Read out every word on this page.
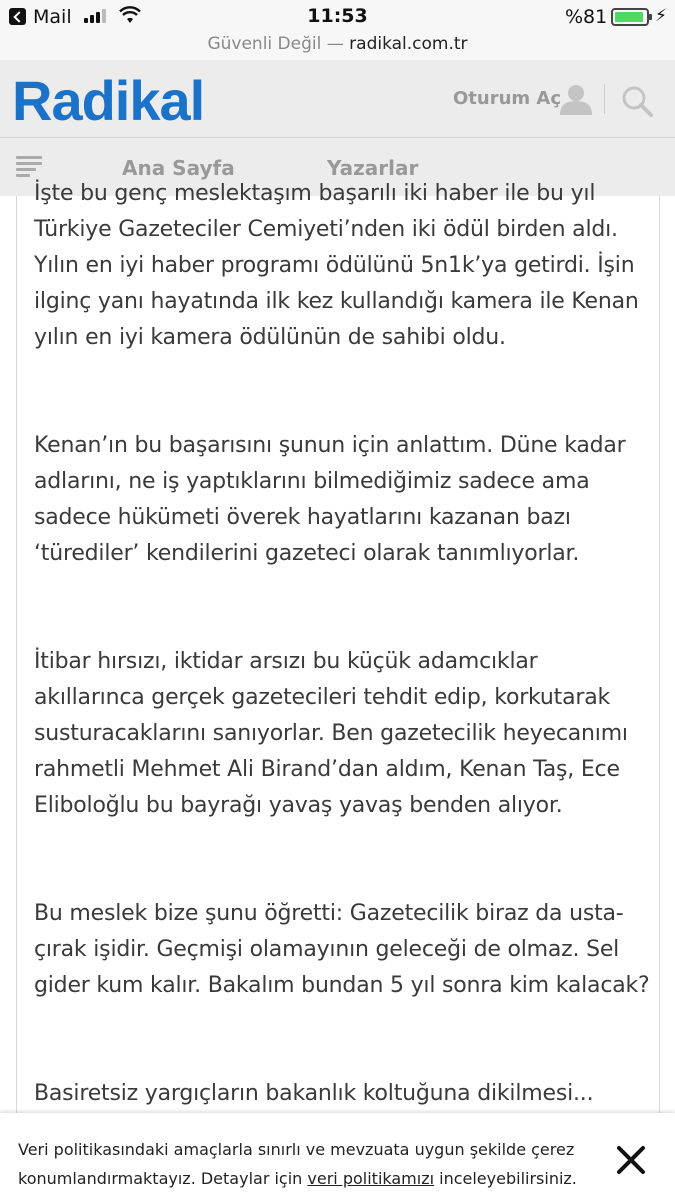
Mail	11:53	%81	⚡
Güvenli Değil — radikal.com.tr
Radikal	Oturum Aç
Ana Sayfa	Yazarlar

İşte bu genç meslektaşım başarılı iki haber ile bu yıl Türkiye Gazeteciler Cemiyeti’nden iki ödül birden aldı. Yılın en iyi haber programı ödülünü 5n1k’ya getirdi. İşin ilginç yanı hayatında ilk kez kullandığı kamera ile Kenan yılın en iyi kamera ödülünün de sahibi oldu.

Kenan’ın bu başarısını şunun için anlattım. Düne kadar adlarını, ne iş yaptıklarını bilmediğimiz sadece ama sadece hükümeti överek hayatlarını kazanan bazı ‘türediler’ kendilerini gazeteci olarak tanımlıyorlar.

İtibar hırsızı, iktidar arsızı bu küçük adamcıklar akıllarınca gerçek gazetecileri tehdit edip, korkutarak susturacaklarını sanıyorlar. Ben gazetecilik heyecanımı rahmetli Mehmet Ali Birand’dan aldım, Kenan Taş, Ece Eliboloğlu bu bayrağı yavaş yavaş benden alıyor.

Bu meslek bize şunu öğretti: Gazetecilik biraz da usta-çırak işidir. Geçmişi olamayının geleceği de olmaz. Sel gider kum kalır. Bakalım bundan 5 yıl sonra kim kalacak?

Basiretsiz yargıçların bakanlık koltuğuna dikilmesi...

Veri politikasındaki amaçlarla sınırlı ve mevzuata uygun şekilde çerez konumlandırmaktayız. Detaylar için veri politikamızı inceleyebilirsiniz.
